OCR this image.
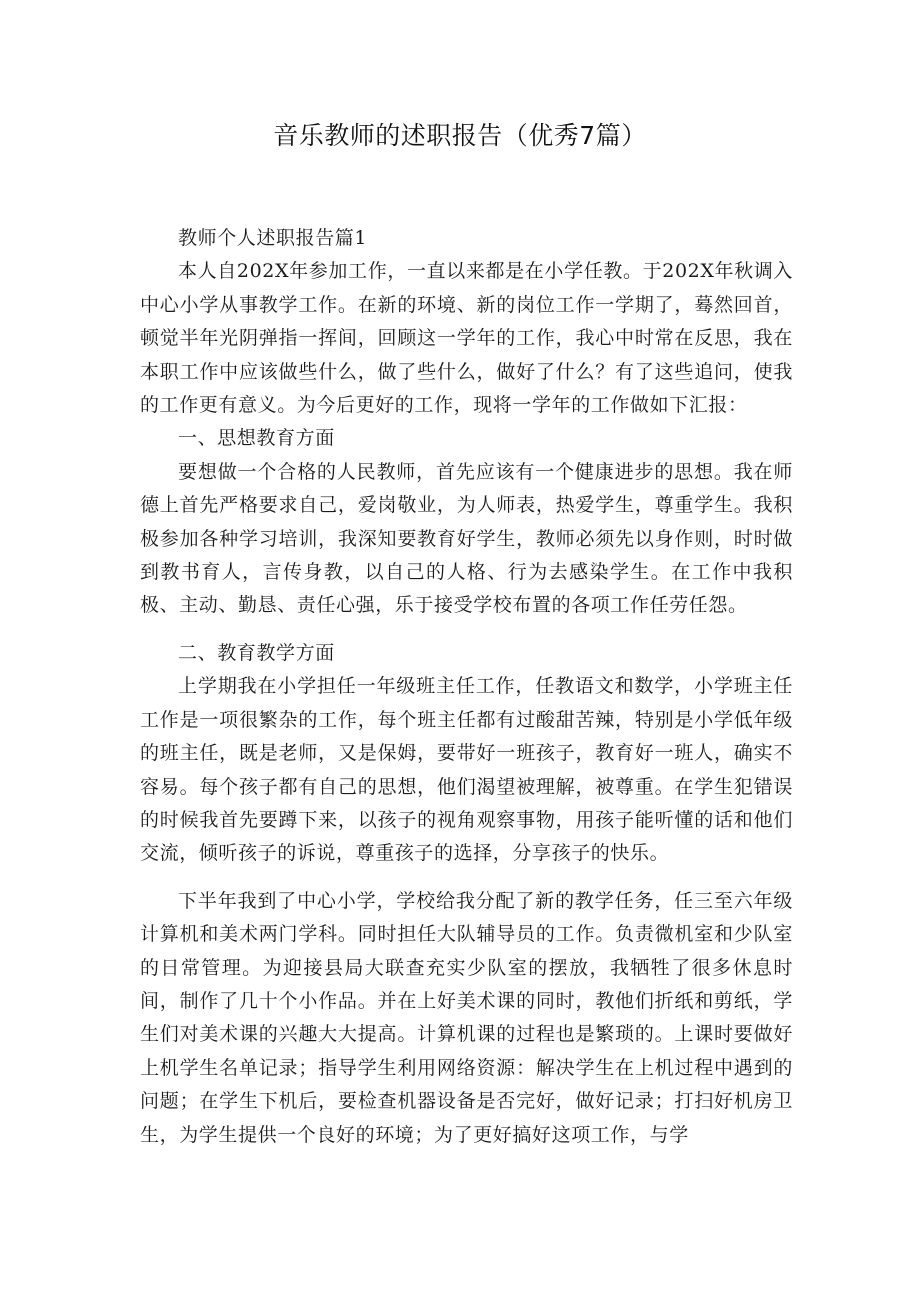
音乐教师的述职报告（优秀7篇）

教师个人述职报告篇1

本人自202X年参加工作，一直以来都是在小学任教。于202X年秋调入中心小学从事教学工作。在新的环境、新的岗位工作一学期了，蓦然回首，顿觉半年光阴弹指一挥间，回顾这一学年的工作，我心中时常在反思，我在本职工作中应该做些什么，做了些什么，做好了什么？有了这些追问，使我的工作更有意义。为今后更好的工作，现将一学年的工作做如下汇报：

一、思想教育方面

要想做一个合格的人民教师，首先应该有一个健康进步的思想。我在师德上首先严格要求自己，爱岗敬业，为人师表，热爱学生，尊重学生。我积极参加各种学习培训，我深知要教育好学生，教师必须先以身作则，时时做到教书育人，言传身教，以自己的人格、行为去感染学生。在工作中我积极、主动、勤恳、责任心强，乐于接受学校布置的各项工作任劳任怨。

二、教育教学方面

上学期我在小学担任一年级班主任工作，任教语文和数学，小学班主任工作是一项很繁杂的工作，每个班主任都有过酸甜苦辣，特别是小学低年级的班主任，既是老师，又是保姆，要带好一班孩子，教育好一班人，确实不容易。每个孩子都有自己的思想，他们渴望被理解，被尊重。在学生犯错误的时候我首先要蹲下来，以孩子的视角观察事物，用孩子能听懂的话和他们交流，倾听孩子的诉说，尊重孩子的选择，分享孩子的快乐。

下半年我到了中心小学，学校给我分配了新的教学任务，任三至六年级计算机和美术两门学科。同时担任大队辅导员的工作。负责微机室和少队室的日常管理。为迎接县局大联查充实少队室的摆放，我牺牲了很多休息时间，制作了几十个小作品。并在上好美术课的同时，教他们折纸和剪纸，学生们对美术课的兴趣大大提高。计算机课的过程也是繁琐的。上课时要做好上机学生名单记录；指导学生利用网络资源：解决学生在上机过程中遇到的问题；在学生下机后，要检查机器设备是否完好，做好记录；打扫好机房卫生，为学生提供一个良好的环境；为了更好搞好这项工作，与学
